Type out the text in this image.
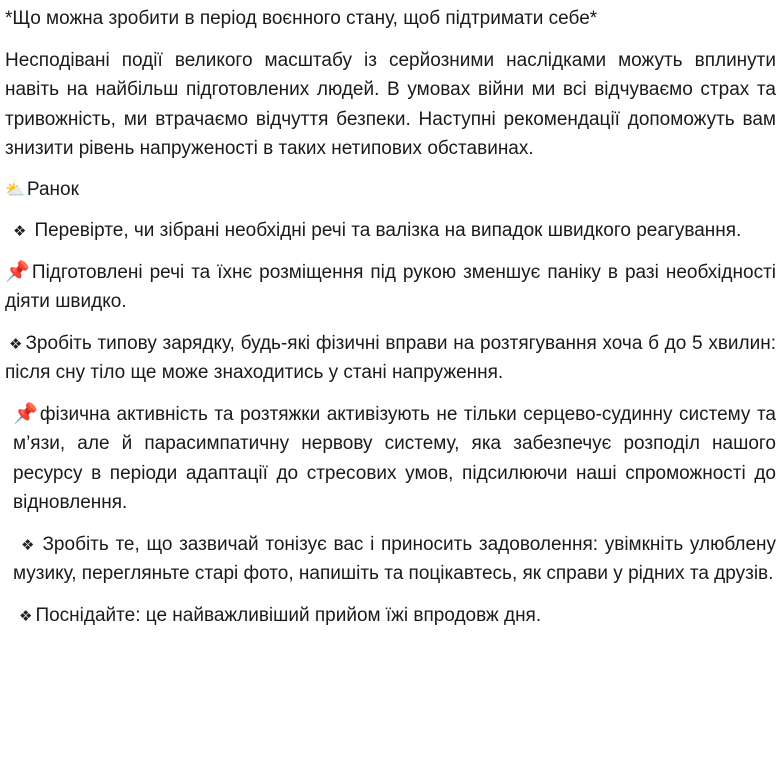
*Що можна зробити в період воєнного стану, щоб підтримати себе*

Несподівані події великого масштабу із серйозними наслідками можуть вплинути навіть на найбільш підготовлених людей. В умовах війни ми всі відчуваємо страх та тривожність, ми втрачаємо відчуття безпеки. Наступні рекомендації допоможуть вам знизити рівень напруженості в таких нетипових обставинах.

⛅ Ранок

❖ Перевірте, чи зібрані необхідні речі та валізка на випадок швидкого реагування.

📌 Підготовлені речі та їхнє розміщення під рукою зменшує паніку в разі необхідності діяти швидко.

❖ Зробіть типову зарядку, будь-які фізичні вправи на розтягування хоча б до 5 хвилин: після сну тіло ще може знаходитись у стані напруження.

📌 фізична активність та розтяжки активізують не тільки серцево-судинну систему та м’язи, але й парасимпатичну нервову систему, яка забезпечує розподіл нашого ресурсу в періоди адаптації до стресових умов, підсилюючи наші спроможності до відновлення.

❖ Зробіть те, що зазвичай тонізує вас і приносить задоволення: увімкніть улюблену музику, перегляньте старі фото, напишіть та поцікавтесь, як справи у рідних та друзів.

❖ Поснідайте: це найважливіший прийом їжі впродовж дня.
